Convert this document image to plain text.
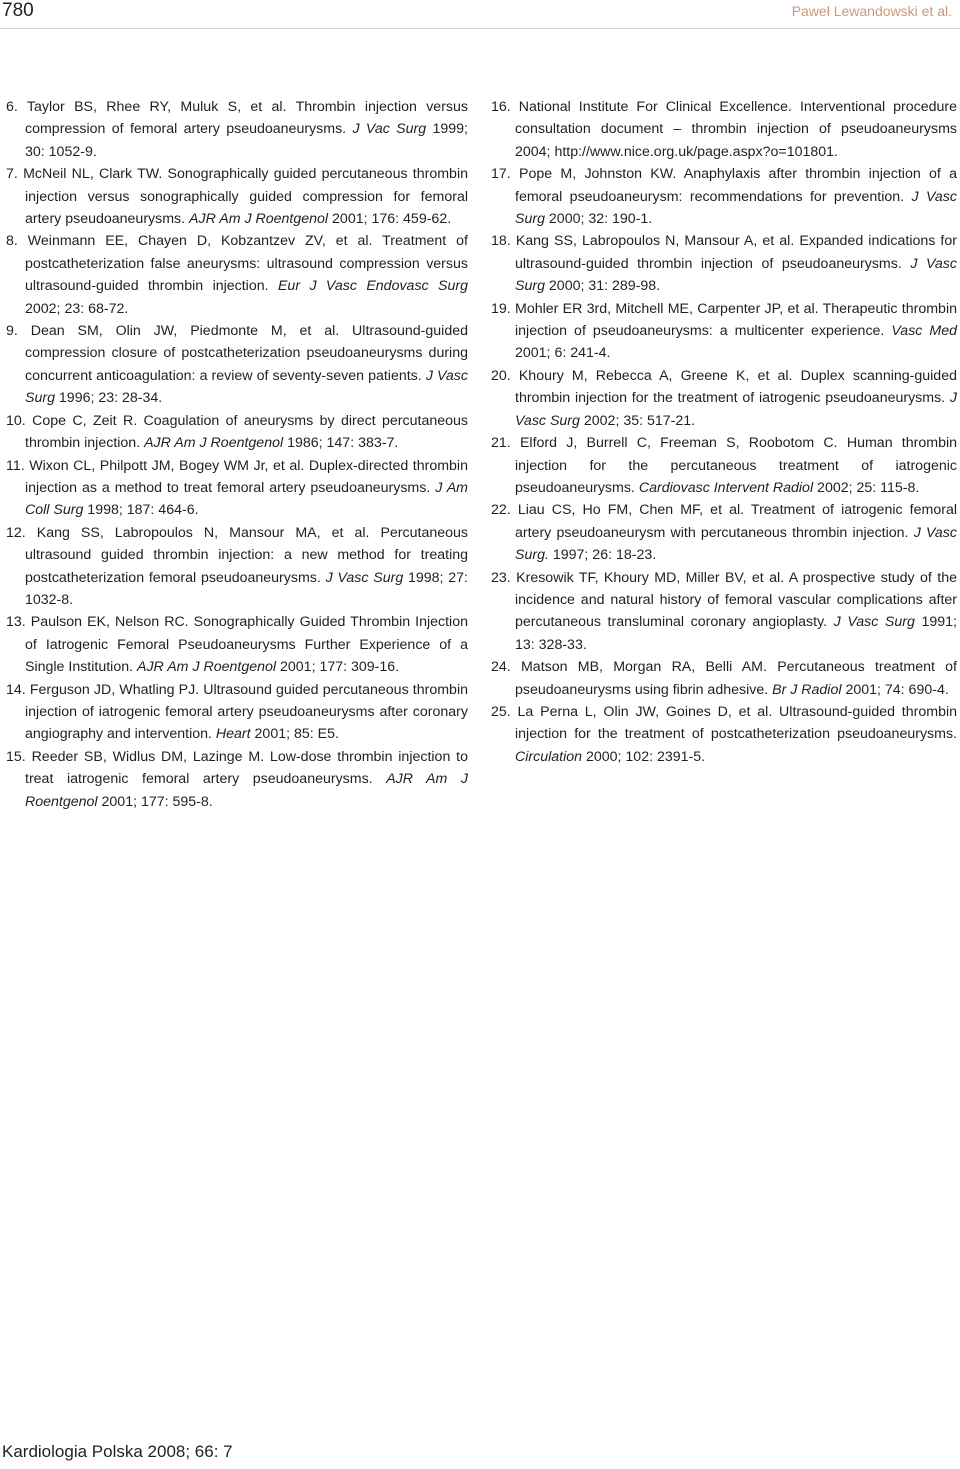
780	Paweł Lewandowski et al.

6. Taylor BS, Rhee RY, Muluk S, et al. Thrombin injection versus compression of femoral artery pseudoaneurysms. J Vac Surg 1999; 30: 1052-9.

7. McNeil NL, Clark TW. Sonographically guided percutaneous thrombin injection versus sonographically guided compression for femoral artery pseudoaneurysms. AJR Am J Roentgenol 2001; 176: 459-62.

8. Weinmann EE, Chayen D, Kobzantzev ZV, et al. Treatment of postcatheterization false aneurysms: ultrasound compression versus ultrasound-guided thrombin injection. Eur J Vasc Endovasc Surg 2002; 23: 68-72.

9. Dean SM, Olin JW, Piedmonte M, et al. Ultrasound-guided compression closure of postcatheterization pseudoaneurysms during concurrent anticoagulation: a review of seventy-seven patients. J Vasc Surg 1996; 23: 28-34.

10. Cope C, Zeit R. Coagulation of aneurysms by direct percutaneous thrombin injection. AJR Am J Roentgenol 1986; 147: 383-7.

11. Wixon CL, Philpott JM, Bogey WM Jr, et al. Duplex-directed thrombin injection as a method to treat femoral artery pseudoaneurysms. J Am Coll Surg 1998; 187: 464-6.

12. Kang SS, Labropoulos N, Mansour MA, et al. Percutaneous ultrasound guided thrombin injection: a new method for treating postcatheterization femoral pseudoaneurysms. J Vasc Surg 1998; 27: 1032-8.

13. Paulson EK, Nelson RC. Sonographically Guided Thrombin Injection of Iatrogenic Femoral Pseudoaneurysms Further Experience of a Single Institution. AJR Am J Roentgenol 2001; 177: 309-16.

14. Ferguson JD, Whatling PJ. Ultrasound guided percutaneous thrombin injection of iatrogenic femoral artery pseudoaneurysms after coronary angiography and intervention. Heart 2001; 85: E5.

15. Reeder SB, Widlus DM, Lazinge M. Low-dose thrombin injection to treat iatrogenic femoral artery pseudoaneurysms. AJR Am J Roentgenol 2001; 177: 595-8.

16. National Institute For Clinical Excellence. Interventional procedure consultation document – thrombin injection of pseudoaneurysms 2004; http://www.nice.org.uk/page.aspx?o=101801.

17. Pope M, Johnston KW. Anaphylaxis after thrombin injection of a femoral pseudoaneurysm: recommendations for prevention. J Vasc Surg 2000; 32: 190-1.

18. Kang SS, Labropoulos N, Mansour A, et al. Expanded indications for ultrasound-guided thrombin injection of pseudoaneurysms. J Vasc Surg 2000; 31: 289-98.

19. Mohler ER 3rd, Mitchell ME, Carpenter JP, et al. Therapeutic thrombin injection of pseudoaneurysms: a multicenter experience. Vasc Med 2001; 6: 241-4.

20. Khoury M, Rebecca A, Greene K, et al. Duplex scanning-guided thrombin injection for the treatment of iatrogenic pseudoaneurysms. J Vasc Surg 2002; 35: 517-21.

21. Elford J, Burrell C, Freeman S, Roobotom C. Human thrombin injection for the percutaneous treatment of iatrogenic pseudoaneurysms. Cardiovasc Intervent Radiol 2002; 25: 115-8.

22. Liau CS, Ho FM, Chen MF, et al. Treatment of iatrogenic femoral artery pseudoaneurysm with percutaneous thrombin injection. J Vasc Surg. 1997; 26: 18-23.

23. Kresowik TF, Khoury MD, Miller BV, et al. A prospective study of the incidence and natural history of femoral vascular complications after percutaneous transluminal coronary angioplasty. J Vasc Surg 1991; 13: 328-33.

24. Matson MB, Morgan RA, Belli AM. Percutaneous treatment of pseudoaneurysms using fibrin adhesive. Br J Radiol 2001; 74: 690-4.

25. La Perna L, Olin JW, Goines D, et al. Ultrasound-guided thrombin injection for the treatment of postcatheterization pseudoaneurysms. Circulation 2000; 102: 2391-5.

Kardiologia Polska 2008; 66: 7
